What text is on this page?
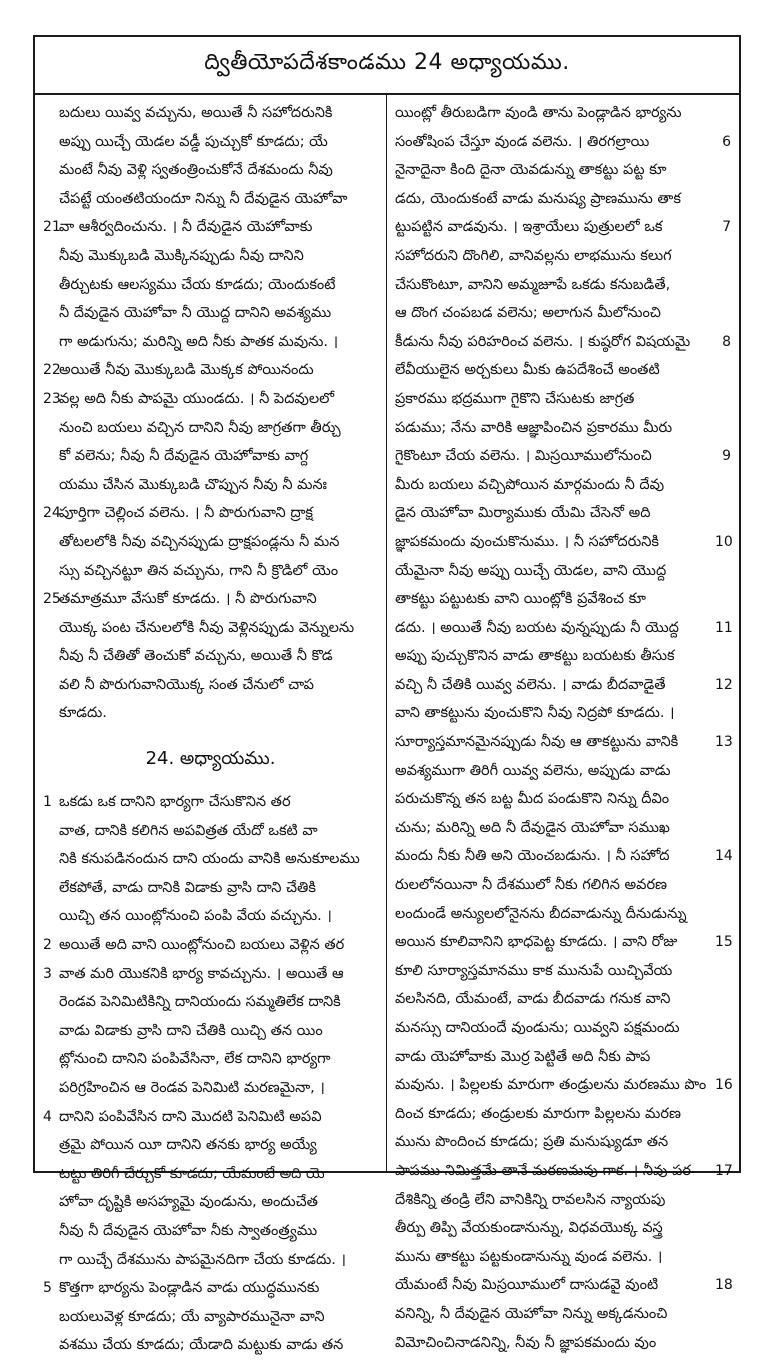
ద్వితీయోపదేశకాండము 24 అధ్యాయము.
బదులు యివ్వ వచ్చును, అయితే నీ సహోదరునికి
అప్పు యిచ్చే యెడల వడ్డీ పుచ్చుకో కూడదు; యే
మంటే నీవు వెళ్లి స్వతంత్రించుకోనే దేశమందు నీవు
చేపట్టే యంతటియందూ నిన్ను నీ దేవుడైన యెహోవా
21
వా ఆశీర్వదించును. । నీ దేవుడైన యెహోవాకు
నీవు మొక్కుబడి మొక్కినప్పుడు నీవు దానిని
తీర్చుటకు ఆలస్యము చేయ కూడదు; యెందుకంటే
నీ దేవుడైన యెహోవా నీ యొద్ద దానిని అవశ్యము
గా అడుగును; మరిన్ని అది నీకు పాతక మవును. ।
22
అయితే నీవు మొక్కుబడి మొక్కక పోయినందు
23
వల్ల అది నీకు పాపమై యుండదు. । నీ పెదవులలో
నుంచి బయలు వచ్చిన దానిని నీవు జాగ్రతగా తీర్చు
కో వలెను; నీవు నీ దేవుడైన యెహోవాకు వాగ్ద
యము చేసిన మొక్కుబడి చొప్పున నీవు నీ మనః
24
పూర్తిగా చెల్లించ వలెను. । నీ పొరుగువాని ద్రాక్ష
తోటలలోకి నీవు వచ్చినప్పుడు ద్రాక్షపండ్లను నీ మన
స్సు వచ్చినట్టూ తిన వచ్చును, గాని నీ క్రొడిలో యెం
25
తమాత్రమూ వేసుకో కూడదు. । నీ పొరుగువాని
యొక్క పంట చేనులలోకి నీవు వెళ్లినప్పుడు వెన్నులను
నీవు నీ చేతితో తెంచుకో వచ్చును, అయితే నీ కొడ
వలి నీ పొరుగువానియొక్క సంత చేనులో చాప
కూడదు.
24. అధ్యాయము.
1 ఒకడు ఒక దానిని భార్యగా చేసుకొనిన తర
వాత, దానికి కలిగిన అపవిత్రత యేదో ఒకటి వా
నికి కనుపడినందున దాని యందు వానికి అనుకూలము
లేకపోతే, వాడు దానికి విడాకు వ్రాసి దాని చేతికి
యిచ్చి తన యింట్లోనుంచి పంపి వేయ వచ్చును. ।
2 అయితే అది వాని యింట్లోనుంచి బయలు వెళ్లిన తర
3 వాత మరి యొకనికి భార్య కావచ్చును. । అయితే ఆ
రెండవ పెనిమిటికిన్ని దానియందు సమ్మతిలేక దానికి
వాడు విడాకు వ్రాసి దాని చేతికి యిచ్చి తన యిం
ట్లోనుంచి దానిని పంపివేసినా, లేక దానిని భార్యగా
పరిగ్రహించిన ఆ రెండవ పెనిమిటి మరణమైనా, ।
4 దానిని పంపివేసిన దాని మొదటి పెనిమిటి అపవి
త్రమై పోయిన యీ దానిని తనకు భార్య అయ్యే
టట్టు తిరిగీ చేర్చుకో కూడదు; యేమంటే అది యె
హోవా దృష్టికి అసహ్యమై వుండును, అందుచేత
నీవు నీ దేవుడైన యెహోవా నీకు స్వాతంత్ర్యము
గా యిచ్చే దేశమును పాపమైనదిగా చేయ కూడదు. ।
5 కొత్తగా భార్యను పెండ్లాడిన వాడు యుద్ధమునకు
బయలువెళ్ల కూడదు; యే వ్యాపారమునైనా వాని
వశము చేయ కూడదు; యేడాది మట్టుకు వాడు తన
యింట్లో తీరుబడిగా వుండి తాను పెండ్లాడిన భార్యను
సంతోషింప చేస్తూ వుండ వలెను. । తిరగల్రాయి	6
నైనాదైనా కింది దైనా యెవడున్ను తాకట్టు పట్ట కూ
డదు, యెందుకంటే వాడు మనుష్య ప్రాణమును తాక
ట్టుపట్టిన వాడవును. । ఇశ్రాయేలు పుత్రులలో ఒక	7
సహోదరుని దొంగిలి, వానివల్లను లాభమును కలుగ
చేసుకొంటూ, వానిని అమ్మజూపే ఒకడు కనుబడితే,
ఆ దొంగ చంపబడ వలెను; అలాగున మీలోనుంచి
కీడును నీవు పరిహరించ వలెను. । కుష్ఠరోగ విషయమై	8
లేవీయులైన అర్చకులు మీకు ఉపదేశించే అంతటి
ప్రకారము భద్రముగా గైకొని చేసుటకు జాగ్రత
పడుము; నేను వారికి ఆజ్ఞాపించిన ప్రకారము మీరు
గైకొంటూ చేయ వలెను. । మిస్రయీములోనుంచి	9
మీరు బయలు వచ్చిపోయిన మార్గమందు నీ దేవు
డైన యెహోవా మిర్యాముకు యేమి చేసెనో అది
జ్ఞాపకమందు వుంచుకొనుము. । నీ సహోదరునికి	10
యేమైనా నీవు అప్పు యిచ్చే యెడల, వాని యొద్ద
తాకట్టు పట్టుటకు వాని యింట్లోకి ప్రవేశించ కూ
డదు. । అయితే నీవు బయట వున్నప్పుడు నీ యొద్ద	11
అప్పు పుచ్చుకొనిన వాడు తాకట్టు బయటకు తీసుక
వచ్చి నీ చేతికి యివ్వ వలెను. । వాడు బీదవాడైతే	12
వాని తాకట్టును వుంచుకొని నీవు నిద్రపో కూడదు. ।
సూర్యాస్తమానమైనప్పుడు నీవు ఆ తాకట్టును వానికి	13
అవశ్యముగా తిరిగీ యివ్వ వలెను, అప్పుడు వాడు
పరుచుకొన్న తన బట్ట మీద పండుకొని నిన్ను దీవిం
చును; మరిన్ని అది నీ దేవుడైన యెహోవా సముఖ
మందు నీకు నీతి అని యెంచబడును. । నీ సహోద	14
రులలోనయినా నీ దేశములో నీకు గలిగిన అవరణ
లందుండే అన్యులలోనైనను బీదవాడున్ను దీనుడున్ను
అయిన కూలివానిని భాధపెట్ట కూడదు. । వాని రోజు	15
కూలి సూర్యాస్తమానము కాక మునుపే యిచ్చివేయ
వలసినది, యేమంటే, వాడు బీదవాడు గనుక వాని
మనస్సు దానియందే వుండును; యివ్వని పక్షమందు
వాడు యెహోవాకు మొర్ర పెట్టితే అది నీకు పాప
మవును. । పిల్లలకు మారుగా తండ్రులను మరణము పొం 16
దించ కూడదు; తండ్రులకు మారుగా పిల్లలను మరణ
మును పొందించ కూడదు; ప్రతి మనుష్యుడూ తన
పాపము నిమిత్తమే తానే మరణమవు గాక. । నీవు పర	17
దేశికిన్ని తండ్రి లేని వానికిన్ని రావలసిన న్యాయపు
తీర్పు తిప్పి వేయకుండానున్ను, విధవయొక్క వస్త్ర
మును తాకట్టు పట్టకుండానున్ను వుండ వలెను. ।
యేమంటే నీవు మిస్రయీములో దాసుడవై వుంటి	18
వనిన్ని, నీ దేవుడైన యెహోవా నిన్ను అక్కడనుంచి
విమోచించినాడనిన్ని, నీవు నీ జ్ఞాపకమందు వుం
